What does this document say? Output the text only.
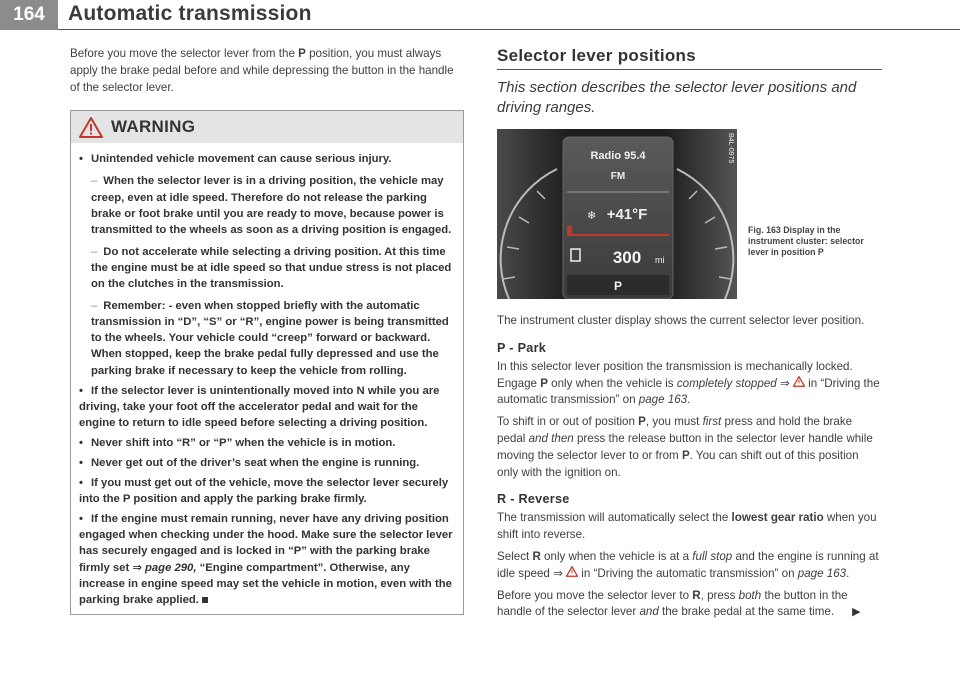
164	Automatic transmission

Before you move the selector lever from the P position, you must always apply the brake pedal before and while depressing the button in the handle of the selector lever.

WARNING
• Unintended vehicle movement can cause serious injury.
– When the selector lever is in a driving position, the vehicle may creep, even at idle speed. Therefore do not release the parking brake or foot brake until you are ready to move, because power is transmitted to the wheels as soon as a driving position is engaged.
– Do not accelerate while selecting a driving position. At this time the engine must be at idle speed so that undue stress is not placed on the clutches in the transmission.
– Remember: - even when stopped briefly with the automatic transmission in “D”, “S” or “R”, engine power is being transmitted to the wheels. Your vehicle could “creep” forward or backward. When stopped, keep the brake pedal fully depressed and use the parking brake if necessary to keep the vehicle from rolling.
• If the selector lever is unintentionally moved into N while you are driving, take your foot off the accelerator pedal and wait for the engine to return to idle speed before selecting a driving position.
• Never shift into “R” or “P” when the vehicle is in motion.
• Never get out of the driver’s seat when the engine is running.
• If you must get out of the vehicle, move the selector lever securely into the P position and apply the parking brake firmly.
• If the engine must remain running, never have any driving position engaged when checking under the hood. Make sure the selector lever has securely engaged and is locked in “P” with the parking brake firmly set ⇒ page 290, “Engine compartment”. Otherwise, any increase in engine speed may set the vehicle in motion, even with the parking brake applied.
Selector lever positions
This section describes the selector lever positions and driving ranges.
Radio 95.4
FM
❄ +41°F
300 mi
P
B4L-0975
Fig. 163 Display in the instrument cluster: selector lever in position P

The instrument cluster display shows the current selector lever position.

P - Park

In this selector lever position the transmission is mechanically locked. Engage P only when the vehicle is completely stopped ⇒  in “Driving the automatic transmission” on page 163.

To shift in or out of position P, you must first press and hold the brake pedal and then press the release button in the selector lever handle while moving the selector lever to or from P. You can shift out of this position only with the ignition on.

R - Reverse

The transmission will automatically select the lowest gear ratio when you shift into reverse.

Select R only when the vehicle is at a full stop and the engine is running at idle speed ⇒  in “Driving the automatic transmission” on page 163.

Before you move the selector lever to R, press both the button in the handle of the selector lever and the brake pedal at the same time. ▶
